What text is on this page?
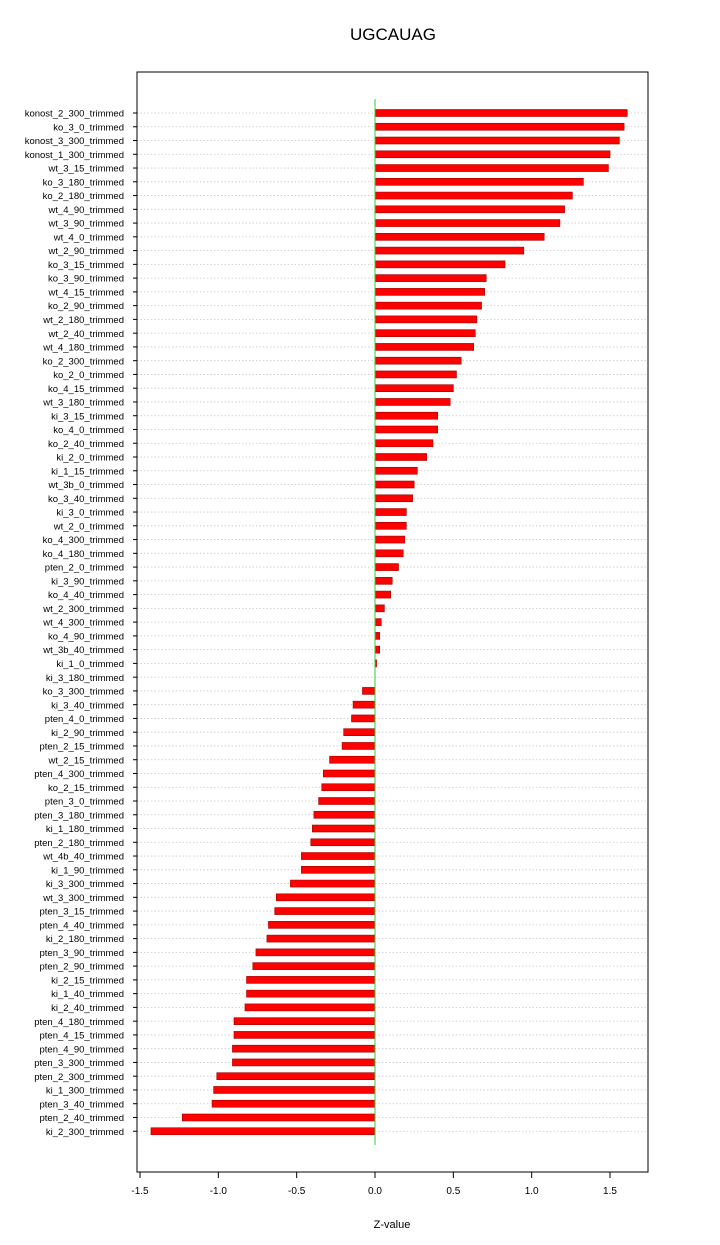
UGCAUAG
konost_2_300_trimmed
ko_3_0_trimmed
konost_3_300_trimmed
konost_1_300_trimmed
wt_3_15_trimmed
ko_3_180_trimmed
ko_2_180_trimmed
wt_4_90_trimmed
wt_3_90_trimmed
wt_4_0_trimmed
wt_2_90_trimmed
ko_3_15_trimmed
ko_3_90_trimmed
wt_4_15_trimmed
ko_2_90_trimmed
wt_2_180_trimmed
wt_2_40_trimmed
wt_4_180_trimmed
ko_2_300_trimmed
ko_2_0_trimmed
ko_4_15_trimmed
wt_3_180_trimmed
ki_3_15_trimmed
ko_4_0_trimmed
ko_2_40_trimmed
ki_2_0_trimmed
ki_1_15_trimmed
wt_3b_0_trimmed
ko_3_40_trimmed
ki_3_0_trimmed
wt_2_0_trimmed
ko_4_300_trimmed
ko_4_180_trimmed
pten_2_0_trimmed
ki_3_90_trimmed
ko_4_40_trimmed
wt_2_300_trimmed
wt_4_300_trimmed
ko_4_90_trimmed
wt_3b_40_trimmed
ki_1_0_trimmed
ki_3_180_trimmed
ko_3_300_trimmed
ki_3_40_trimmed
pten_4_0_trimmed
ki_2_90_trimmed
pten_2_15_trimmed
wt_2_15_trimmed
pten_4_300_trimmed
ko_2_15_trimmed
pten_3_0_trimmed
pten_3_180_trimmed
ki_1_180_trimmed
pten_2_180_trimmed
wt_4b_40_trimmed
ki_1_90_trimmed
ki_3_300_trimmed
wt_3_300_trimmed
pten_3_15_trimmed
pten_4_40_trimmed
ki_2_180_trimmed
pten_3_90_trimmed
pten_2_90_trimmed
ki_2_15_trimmed
ki_1_40_trimmed
ki_2_40_trimmed
pten_4_180_trimmed
pten_4_15_trimmed
pten_4_90_trimmed
pten_3_300_trimmed
pten_2_300_trimmed
ki_1_300_trimmed
pten_3_40_trimmed
pten_2_40_trimmed
ki_2_300_trimmed
-1.5	-1.0	-0.5	0.0	0.5	1.0	1.5
Z-value
